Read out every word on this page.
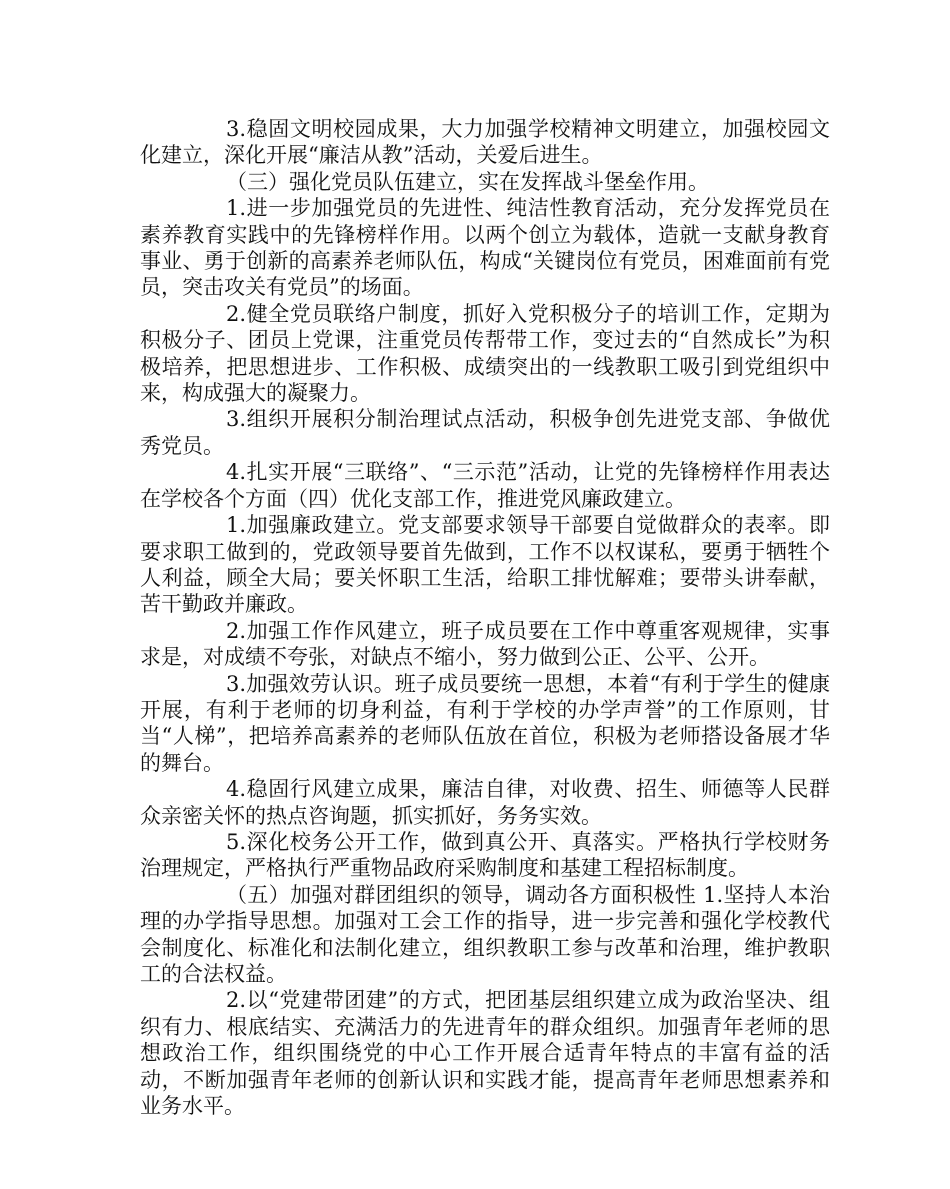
3.稳固文明校园成果，大力加强学校精神文明建立，加强校园文化建立，深化开展“廉洁从教”活动，关爱后进生。

（三）强化党员队伍建立，实在发挥战斗堡垒作用。

1.进一步加强党员的先进性、纯洁性教育活动，充分发挥党员在素养教育实践中的先锋榜样作用。以两个创立为载体，造就一支献身教育事业、勇于创新的高素养老师队伍，构成“关键岗位有党员，困难面前有党员，突击攻关有党员”的场面。

2.健全党员联络户制度，抓好入党积极分子的培训工作，定期为积极分子、团员上党课，注重党员传帮带工作，变过去的“自然成长”为积极培养，把思想进步、工作积极、成绩突出的一线教职工吸引到党组织中来，构成强大的凝聚力。

3.组织开展积分制治理试点活动，积极争创先进党支部、争做优秀党员。

4.扎实开展“三联络”、“三示范”活动，让党的先锋榜样作用表达在学校各个方面（四）优化支部工作，推进党风廉政建立。

1.加强廉政建立。党支部要求领导干部要自觉做群众的表率。即要求职工做到的，党政领导要首先做到，工作不以权谋私，要勇于牺牲个人利益，顾全大局；要关怀职工生活，给职工排忧解难；要带头讲奉献，苦干勤政并廉政。

2.加强工作作风建立，班子成员要在工作中尊重客观规律，实事求是，对成绩不夸张，对缺点不缩小，努力做到公正、公平、公开。

3.加强效劳认识。班子成员要统一思想，本着“有利于学生的健康开展，有利于老师的切身利益，有利于学校的办学声誉”的工作原则，甘当“人梯”，把培养高素养的老师队伍放在首位，积极为老师搭设备展才华的舞台。

4.稳固行风建立成果，廉洁自律，对收费、招生、师德等人民群众亲密关怀的热点咨询题，抓实抓好，务务实效。

5.深化校务公开工作，做到真公开、真落实。严格执行学校财务治理规定，严格执行严重物品政府采购制度和基建工程招标制度。

（五）加强对群团组织的领导，调动各方面积极性 1.坚持人本治理的办学指导思想。加强对工会工作的指导，进一步完善和强化学校教代会制度化、标准化和法制化建立，组织教职工参与改革和治理，维护教职工的合法权益。

2.以“党建带团建”的方式，把团基层组织建立成为政治坚决、组织有力、根底结实、充满活力的先进青年的群众组织。加强青年老师的思想政治工作，组织围绕党的中心工作开展合适青年特点的丰富有益的活动，不断加强青年老师的创新认识和实践才能，提高青年老师思想素养和业务水平。
